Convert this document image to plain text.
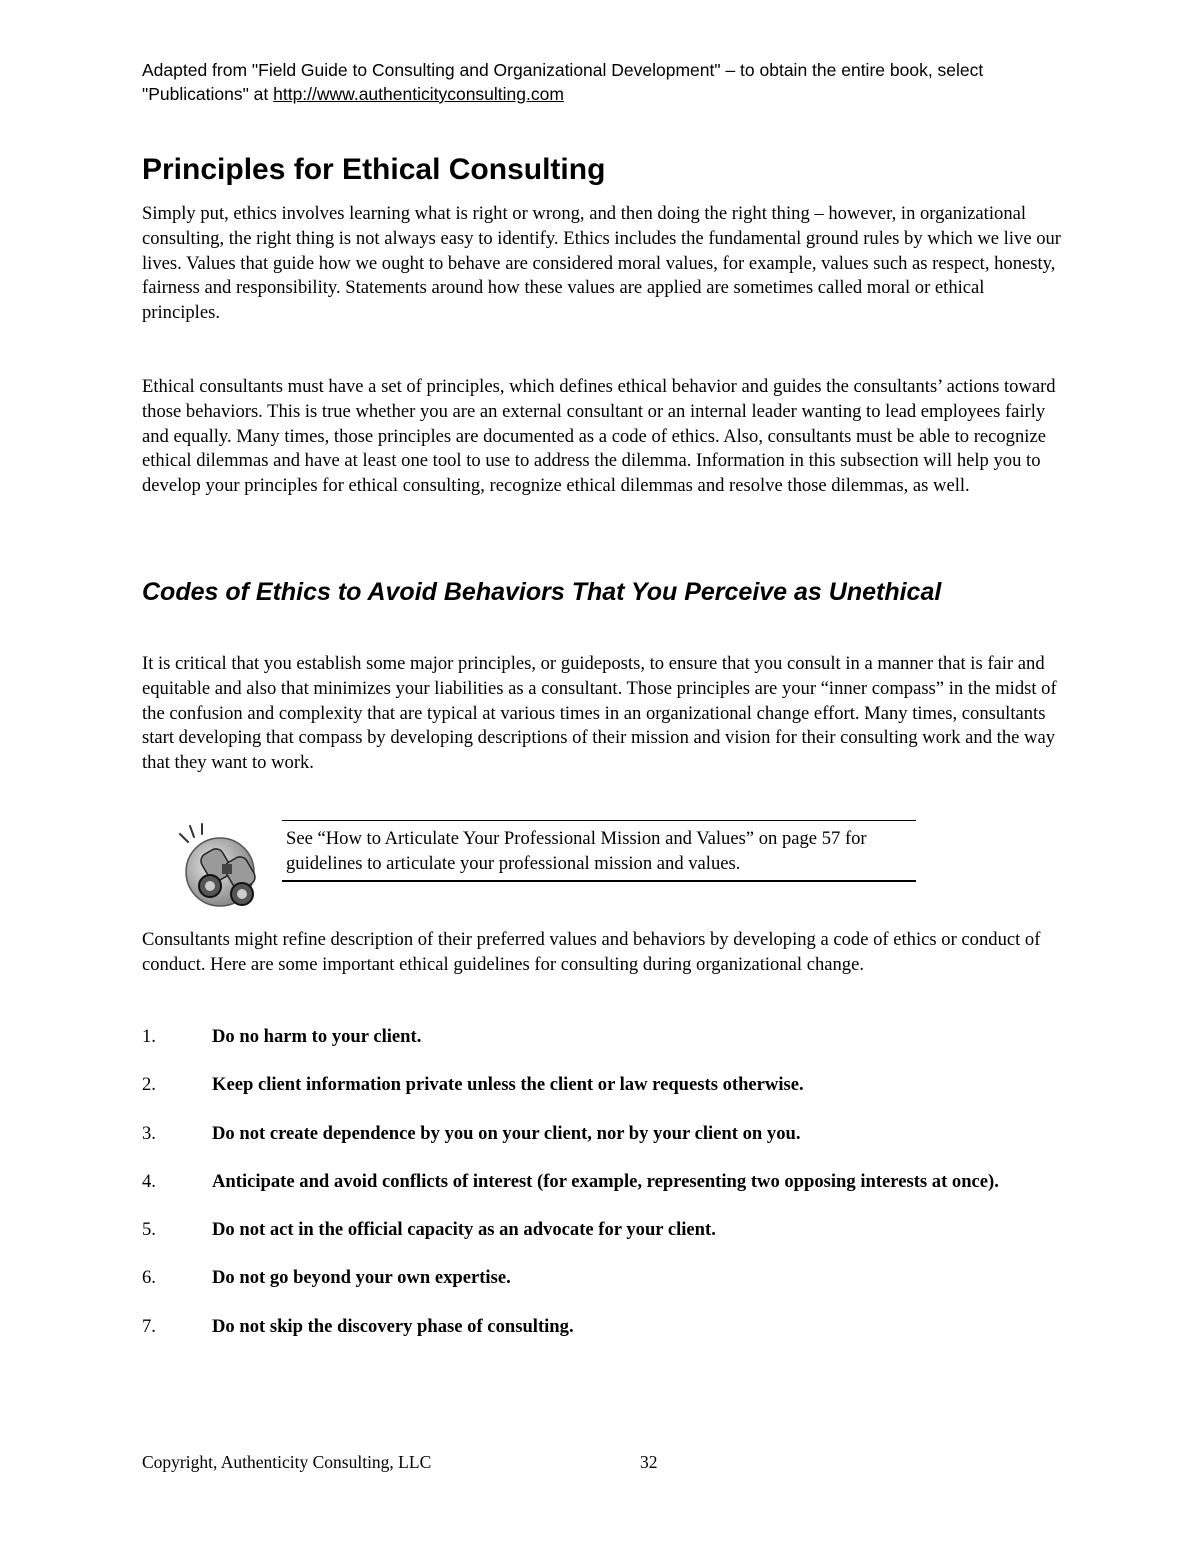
Adapted from "Field Guide to Consulting and Organizational Development" – to obtain the entire book, select "Publications" at http://www.authenticityconsulting.com
Principles for Ethical Consulting

Simply put, ethics involves learning what is right or wrong, and then doing the right thing – however, in organizational consulting, the right thing is not always easy to identify. Ethics includes the fundamental ground rules by which we live our lives. Values that guide how we ought to behave are considered moral values, for example, values such as respect, honesty, fairness and responsibility. Statements around how these values are applied are sometimes called moral or ethical principles.

Ethical consultants must have a set of principles, which defines ethical behavior and guides the consultants’ actions toward those behaviors. This is true whether you are an external consultant or an internal leader wanting to lead employees fairly and equally. Many times, those principles are documented as a code of ethics. Also, consultants must be able to recognize ethical dilemmas and have at least one tool to use to address the dilemma. Information in this subsection will help you to develop your principles for ethical consulting, recognize ethical dilemmas and resolve those dilemmas, as well.

Codes of Ethics to Avoid Behaviors That You Perceive as Unethical

It is critical that you establish some major principles, or guideposts, to ensure that you consult in a manner that is fair and equitable and also that minimizes your liabilities as a consultant. Those principles are your “inner compass” in the midst of the confusion and complexity that are typical at various times in an organizational change effort. Many times, consultants start developing that compass by developing descriptions of their mission and vision for their consulting work and the way that they want to work.

See “How to Articulate Your Professional Mission and Values” on page 57 for guidelines to articulate your professional mission and values.

Consultants might refine description of their preferred values and behaviors by developing a code of ethics or conduct of conduct. Here are some important ethical guidelines for consulting during organizational change.

1.	Do no harm to your client.
2.	Keep client information private unless the client or law requests otherwise.
3.	Do not create dependence by you on your client, nor by your client on you.
4.	Anticipate and avoid conflicts of interest (for example, representing two opposing interests at once).
5.	Do not act in the official capacity as an advocate for your client.
6.	Do not go beyond your own expertise.
7.	Do not skip the discovery phase of consulting.
Copyright, Authenticity Consulting, LLC	32
